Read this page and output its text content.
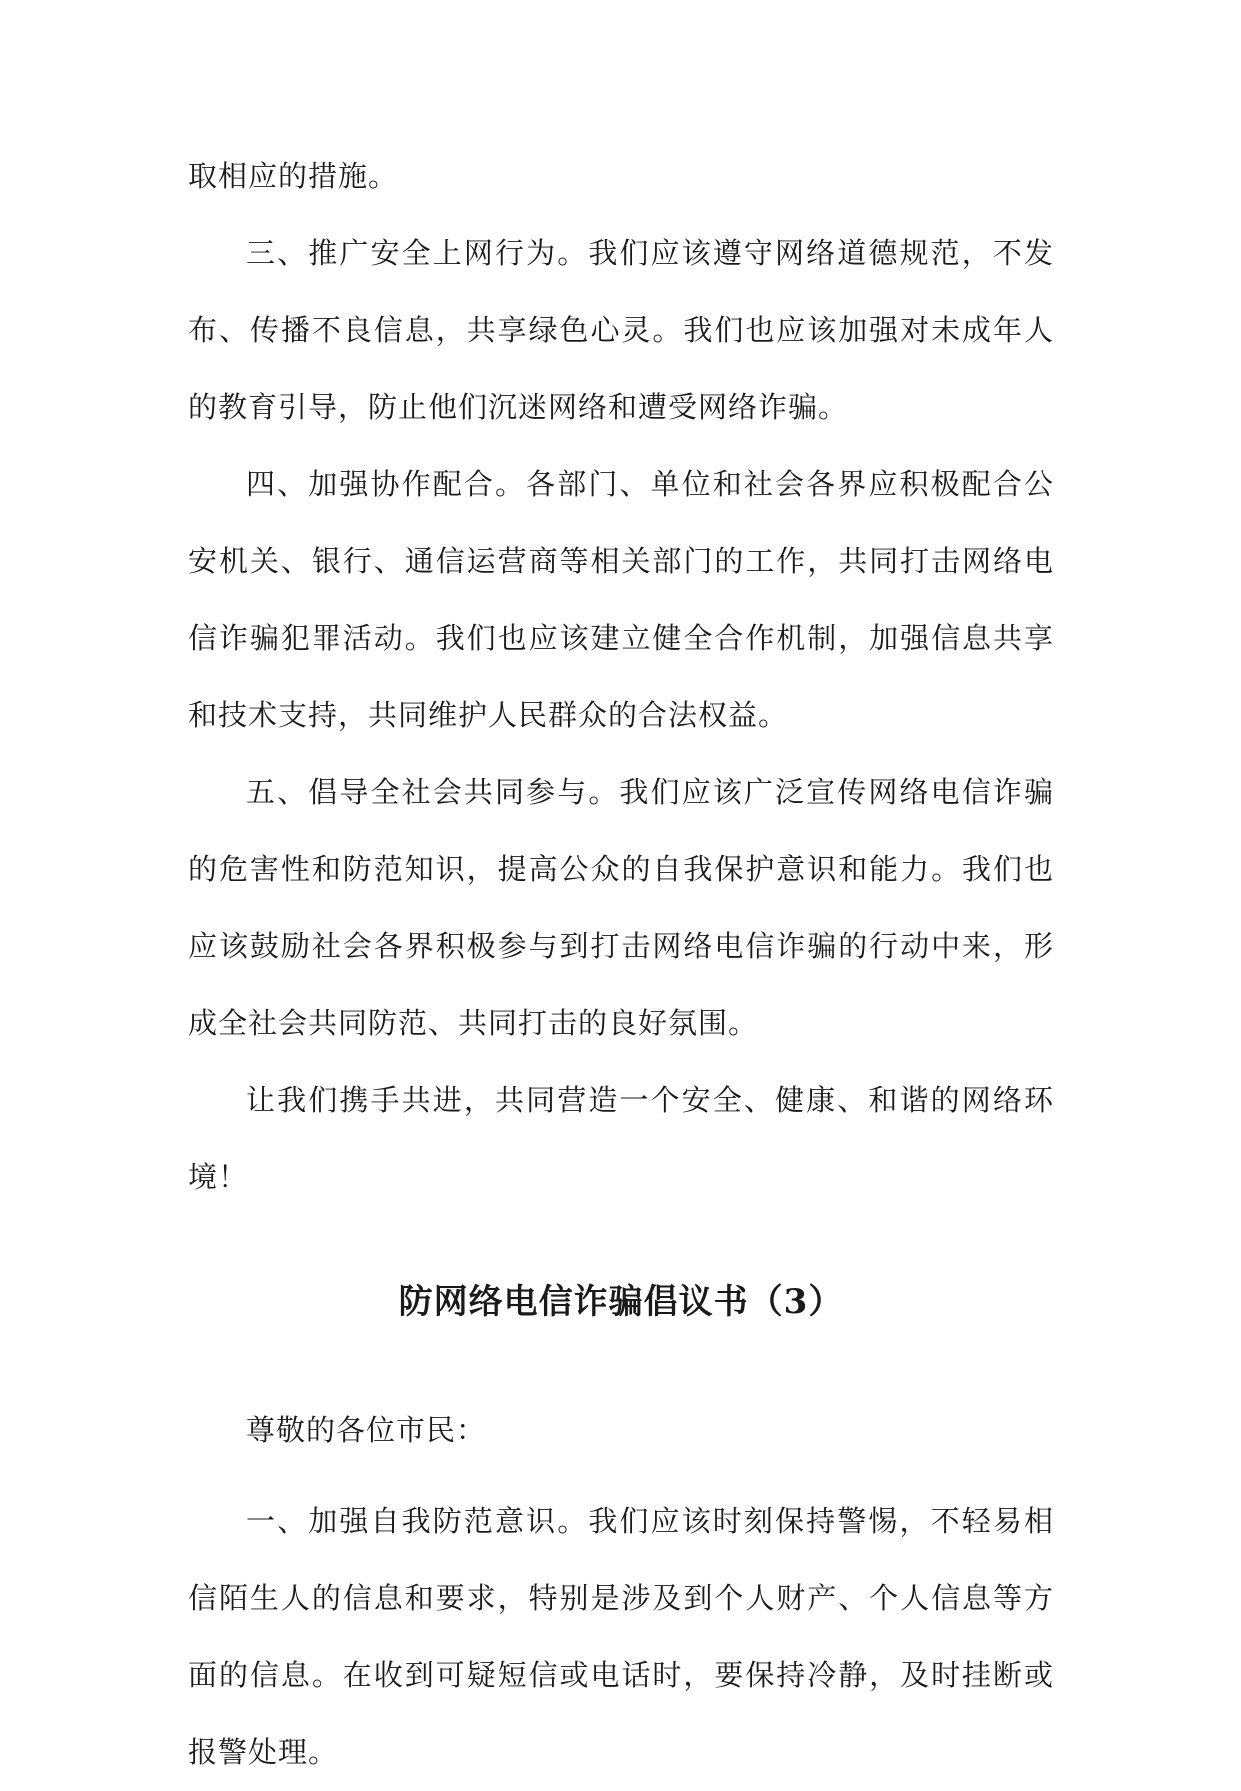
取相应的措施。

三、推广安全上网行为。我们应该遵守网络道德规范，不发布、传播不良信息，共享绿色心灵。我们也应该加强对未成年人的教育引导，防止他们沉迷网络和遭受网络诈骗。

四、加强协作配合。各部门、单位和社会各界应积极配合公安机关、银行、通信运营商等相关部门的工作，共同打击网络电信诈骗犯罪活动。我们也应该建立健全合作机制，加强信息共享和技术支持，共同维护人民群众的合法权益。

五、倡导全社会共同参与。我们应该广泛宣传网络电信诈骗的危害性和防范知识，提高公众的自我保护意识和能力。我们也应该鼓励社会各界积极参与到打击网络电信诈骗的行动中来，形成全社会共同防范、共同打击的良好氛围。

让我们携手共进，共同营造一个安全、健康、和谐的网络环境！

防网络电信诈骗倡议书（3）

尊敬的各位市民：

一、加强自我防范意识。我们应该时刻保持警惕，不轻易相信陌生人的信息和要求，特别是涉及到个人财产、个人信息等方面的信息。在收到可疑短信或电话时，要保持冷静，及时挂断或报警处理。
